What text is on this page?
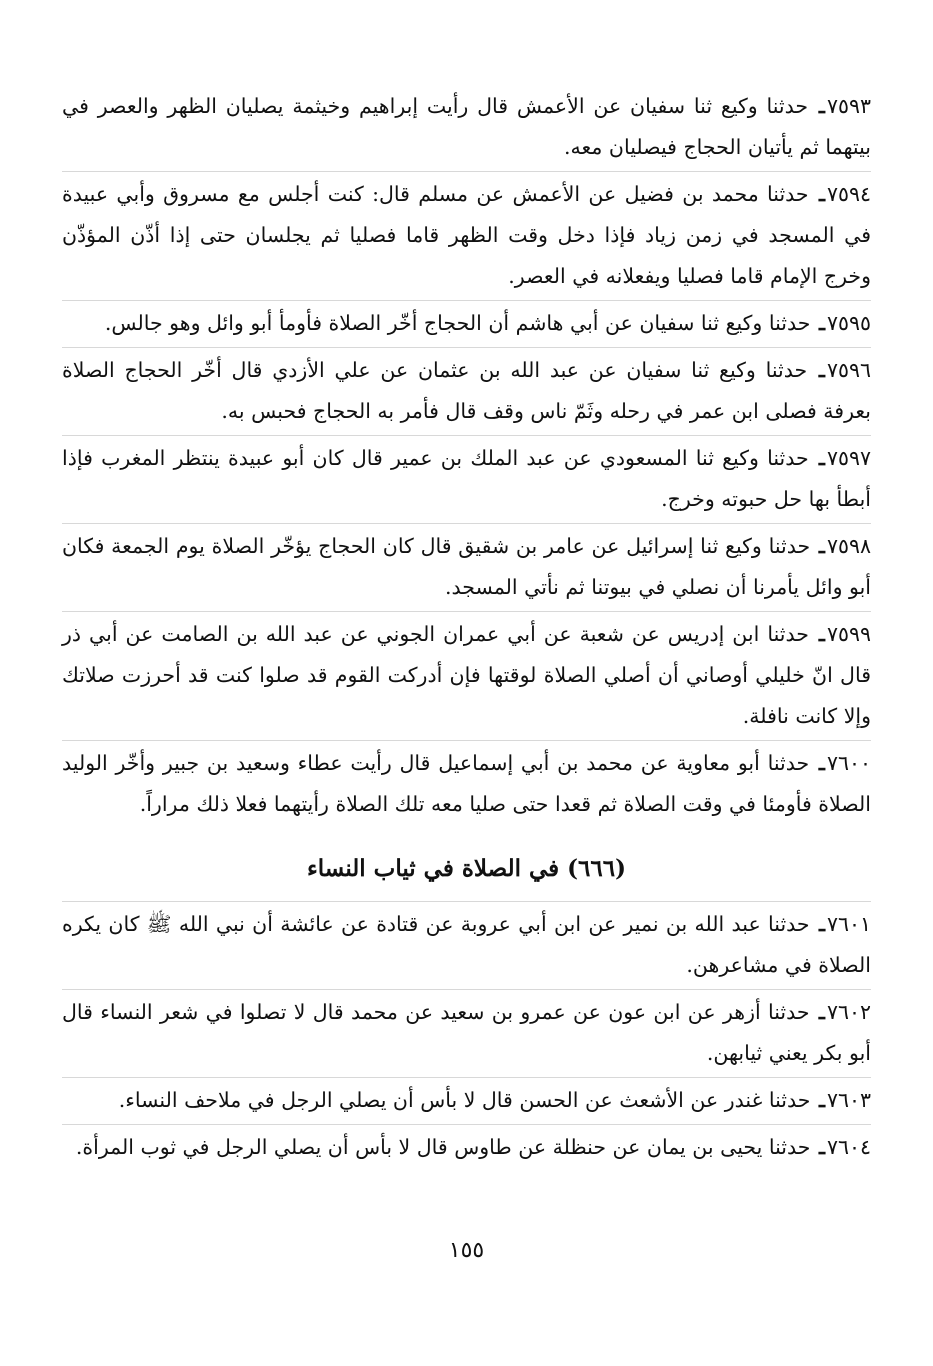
٧٥٩٣ـ حدثنا وكيع ثنا سفيان عن الأعمش قال رأيت إبراهيم وخيثمة يصليان الظهر والعصر في بيتهما ثم يأتيان الحجاج فيصليان معه.

٧٥٩٤ـ حدثنا محمد بن فضيل عن الأعمش عن مسلم قال: كنت أجلس مع مسروق وأبي عبيدة في المسجد في زمن زياد فإذا دخل وقت الظهر قاما فصليا ثم يجلسان حتى إذا أذّن المؤذّن وخرج الإمام قاما فصليا ويفعلانه في العصر.

٧٥٩٥ـ حدثنا وكيع ثنا سفيان عن أبي هاشم أن الحجاج أخّر الصلاة فأومأ أبو وائل وهو جالس.

٧٥٩٦ـ حدثنا وكيع ثنا سفيان عن عبد الله بن عثمان عن علي الأزدي قال أخّر الحجاج الصلاة بعرفة فصلى ابن عمر في رحله وثَمّ ناس وقف قال فأمر به الحجاج فحبس به.

٧٥٩٧ـ حدثنا وكيع ثنا المسعودي عن عبد الملك بن عمير قال كان أبو عبيدة ينتظر المغرب فإذا أبطأ بها حل حبوته وخرج.

٧٥٩٨ـ حدثنا وكيع ثنا إسرائيل عن عامر بن شقيق قال كان الحجاج يؤخّر الصلاة يوم الجمعة فكان أبو وائل يأمرنا أن نصلي في بيوتنا ثم نأتي المسجد.

٧٥٩٩ـ حدثنا ابن إدريس عن شعبة عن أبي عمران الجوني عن عبد الله بن الصامت عن أبي ذر قال انّ خليلي أوصاني أن أصلي الصلاة لوقتها فإن أدركت القوم قد صلوا كنت قد أحرزت صلاتك وإلا كانت نافلة.

٧٦٠٠ـ حدثنا أبو معاوية عن محمد بن أبي إسماعيل قال رأيت عطاء وسعيد بن جبير وأخّر الوليد الصلاة فأومئا في وقت الصلاة ثم قعدا حتى صليا معه تلك الصلاة رأيتهما فعلا ذلك مراراً.

(٦٦٦) في الصلاة في ثياب النساء

٧٦٠١ـ حدثنا عبد الله بن نمير عن ابن أبي عروبة عن قتادة عن عائشة أن نبي الله ﷺ كان يكره الصلاة في مشاعرهن.

٧٦٠٢ـ حدثنا أزهر عن ابن عون عن عمرو بن سعيد عن محمد قال لا تصلوا في شعر النساء قال أبو بكر يعني ثيابهن.

٧٦٠٣ـ حدثنا غندر عن الأشعث عن الحسن قال لا بأس أن يصلي الرجل في ملاحف النساء.

٧٦٠٤ـ حدثنا يحيى بن يمان عن حنظلة عن طاوس قال لا بأس أن يصلي الرجل في ثوب المرأة.

١٥٥
